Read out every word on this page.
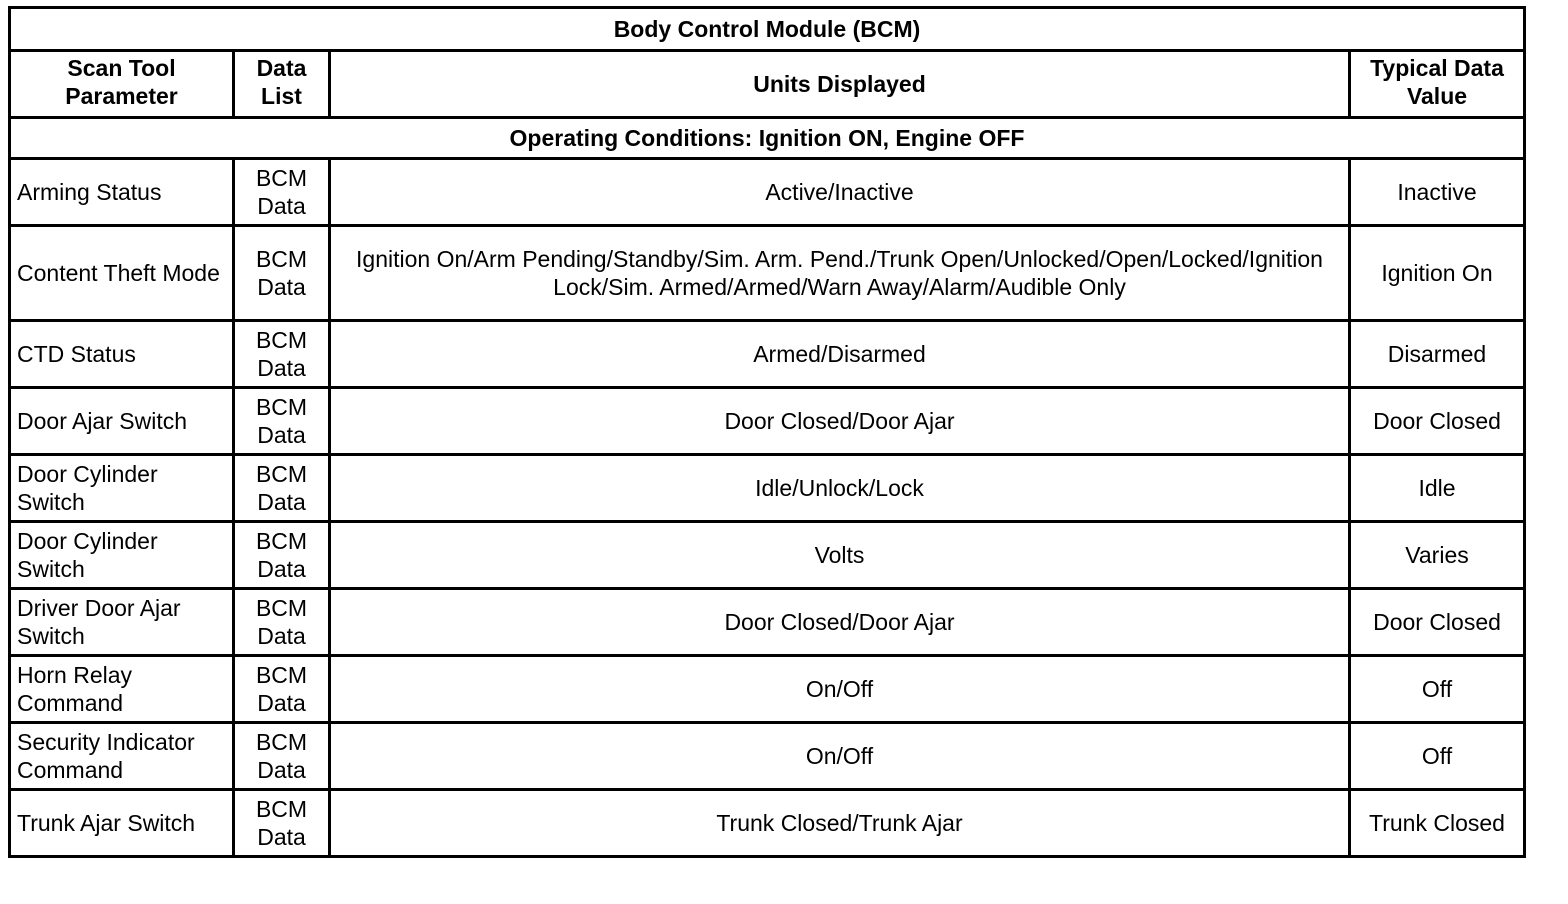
Body Control Module (BCM)			
Scan Tool Parameter	Data List	Units Displayed	Typical Data Value
Operating Conditions: Ignition ON, Engine OFF			
Arming Status	BCM Data	Active/Inactive	Inactive
Content Theft Mode	BCM Data	Ignition On/Arm Pending/Standby/Sim. Arm. Pend./Trunk Open/Unlocked/Open/Locked/Ignition Lock/Sim. Armed/Armed/Warn Away/Alarm/Audible Only	Ignition On
CTD Status	BCM Data	Armed/Disarmed	Disarmed
Door Ajar Switch	BCM Data	Door Closed/Door Ajar	Door Closed
Door Cylinder Switch	BCM Data	Idle/Unlock/Lock	Idle
Door Cylinder Switch	BCM Data	Volts	Varies
Driver Door Ajar Switch	BCM Data	Door Closed/Door Ajar	Door Closed
Horn Relay Command	BCM Data	On/Off	Off
Security Indicator Command	BCM Data	On/Off	Off
Trunk Ajar Switch	BCM Data	Trunk Closed/Trunk Ajar	Trunk Closed
